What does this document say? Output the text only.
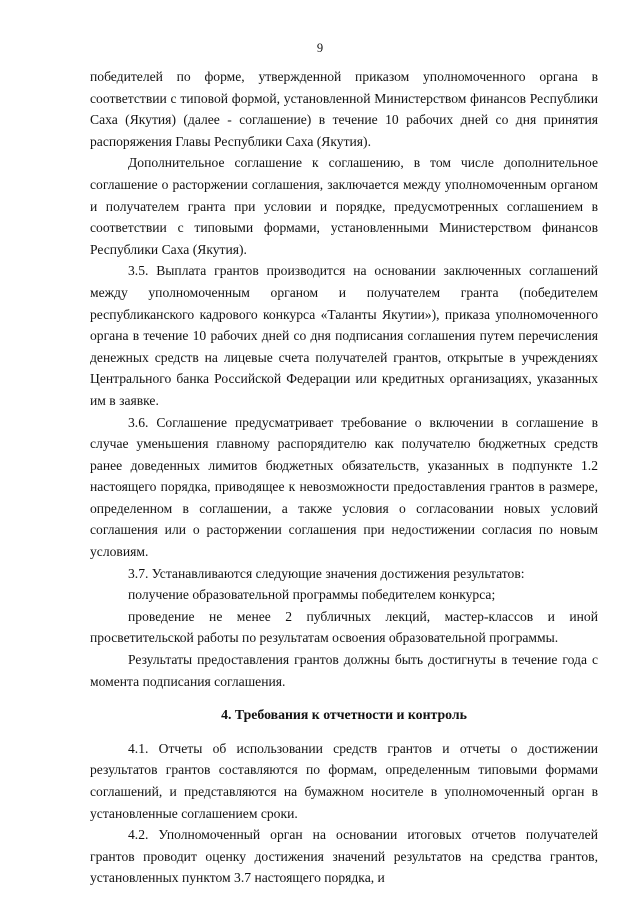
9

победителей по форме, утвержденной приказом уполномоченного органа в соответствии с типовой формой, установленной Министерством финансов Республики Саха (Якутия) (далее - соглашение) в течение 10 рабочих дней со дня принятия распоряжения Главы Республики Саха (Якутия).

Дополнительное соглашение к соглашению, в том числе дополнительное соглашение о расторжении соглашения, заключается между уполномоченным органом и получателем гранта при условии и порядке, предусмотренных соглашением в соответствии с типовыми формами, установленными Министерством финансов Республики Саха (Якутия).

3.5. Выплата грантов производится на основании заключенных соглашений между уполномоченным органом и получателем гранта (победителем республиканского кадрового конкурса «Таланты Якутии»), приказа уполномоченного органа в течение 10 рабочих дней со дня подписания соглашения путем перечисления денежных средств на лицевые счета получателей грантов, открытые в учреждениях Центрального банка Российской Федерации или кредитных организациях, указанных им в заявке.

3.6. Соглашение предусматривает требование о включении в соглашение в случае уменьшения главному распорядителю как получателю бюджетных средств ранее доведенных лимитов бюджетных обязательств, указанных в подпункте 1.2 настоящего порядка, приводящее к невозможности предоставления грантов в размере, определенном в соглашении, а также условия о согласовании новых условий соглашения или о расторжении соглашения при недостижении согласия по новым условиям.

3.7. Устанавливаются следующие значения достижения результатов:

получение образовательной программы победителем конкурса;

проведение не менее 2 публичных лекций, мастер-классов и иной просветительской работы по результатам освоения образовательной программы.

Результаты предоставления грантов должны быть достигнуты в течение года с момента подписания соглашения.

4. Требования к отчетности и контроль

4.1. Отчеты об использовании средств грантов и отчеты о достижении результатов грантов составляются по формам, определенным типовыми формами соглашений, и представляются на бумажном носителе в уполномоченный орган в установленные соглашением сроки.

4.2. Уполномоченный орган на основании итоговых отчетов получателей грантов проводит оценку достижения значений результатов на средства грантов, установленных пунктом 3.7 настоящего порядка, и
